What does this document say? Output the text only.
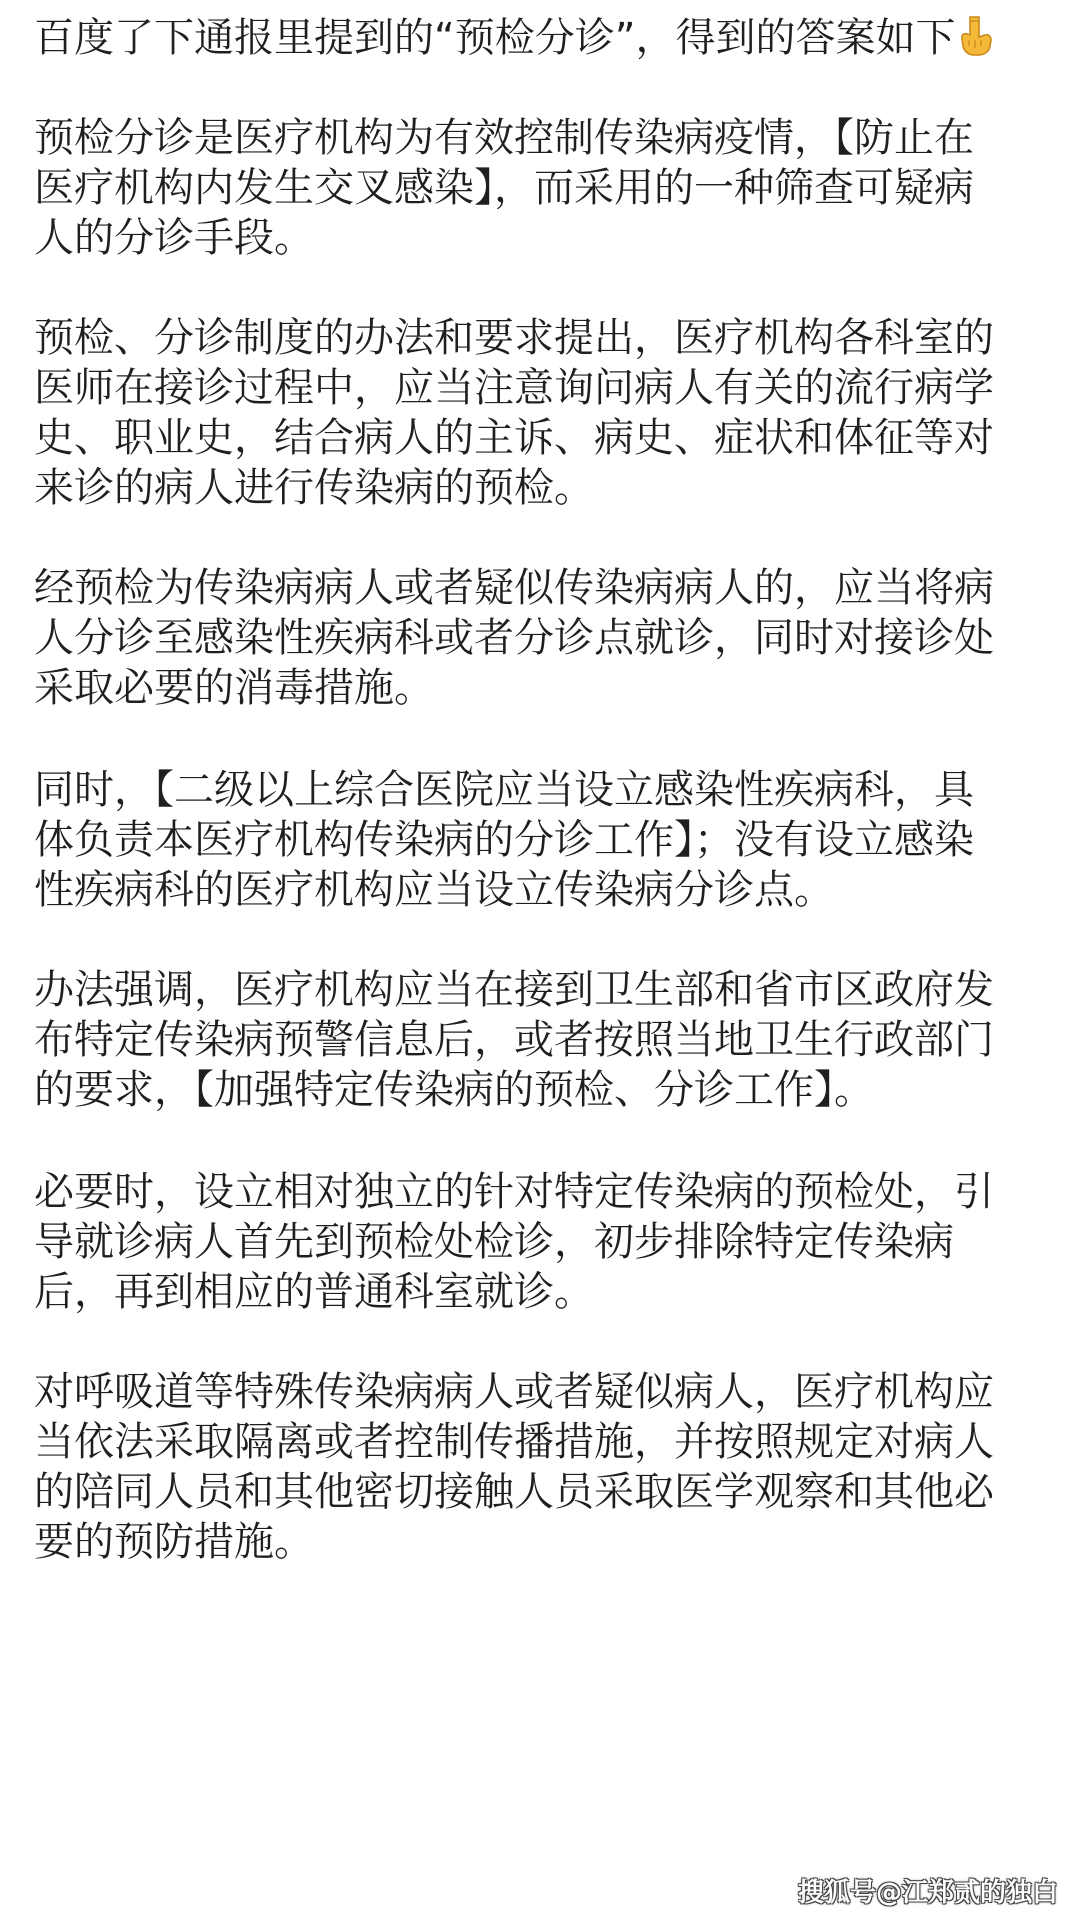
百度了下通报里提到的“预检分诊”，得到的答案如下
预检分诊是医疗机构为有效控制传染病疫情，【防止在
医疗机构内发生交叉感染】，而采用的一种筛查可疑病
人的分诊手段。
预检、分诊制度的办法和要求提出，医疗机构各科室的
医师在接诊过程中，应当注意询问病人有关的流行病学
史、职业史，结合病人的主诉、病史、症状和体征等对
来诊的病人进行传染病的预检。
经预检为传染病病人或者疑似传染病病人的，应当将病
人分诊至感染性疾病科或者分诊点就诊，同时对接诊处
采取必要的消毒措施。
同时，【二级以上综合医院应当设立感染性疾病科，具
体负责本医疗机构传染病的分诊工作】；没有设立感染
性疾病科的医疗机构应当设立传染病分诊点。
办法强调，医疗机构应当在接到卫生部和省市区政府发
布特定传染病预警信息后，或者按照当地卫生行政部门
的要求，【加强特定传染病的预检、分诊工作】。
必要时，设立相对独立的针对特定传染病的预检处，引
导就诊病人首先到预检处检诊，初步排除特定传染病
后，再到相应的普通科室就诊。
对呼吸道等特殊传染病病人或者疑似病人，医疗机构应
当依法采取隔离或者控制传播措施，并按照规定对病人
的陪同人员和其他密切接触人员采取医学观察和其他必
要的预防措施。
搜狐号@江郑贰的独白
